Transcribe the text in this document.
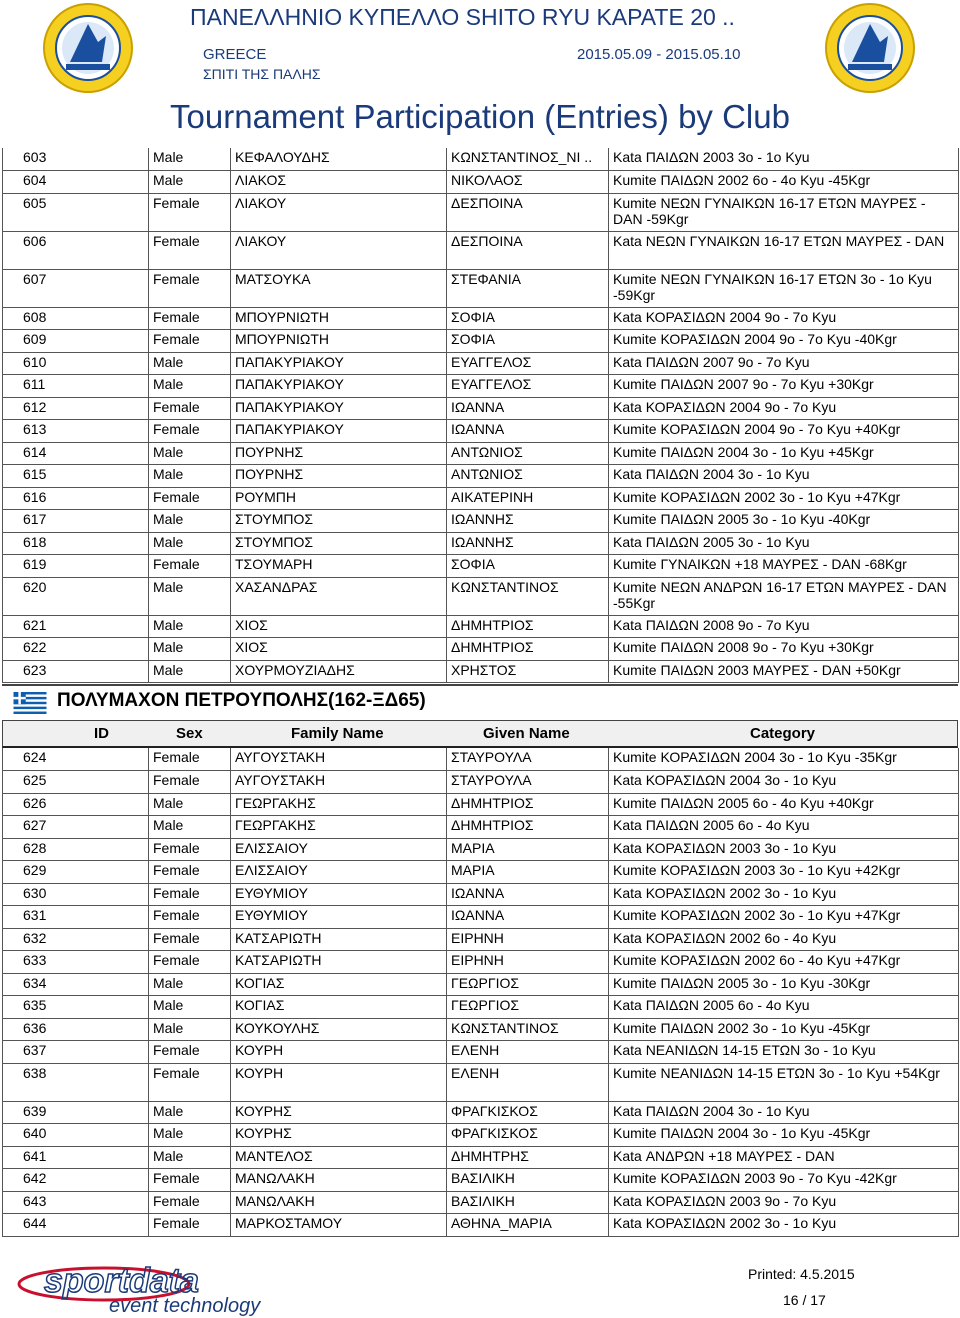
ΠΑΝΕΛΛΗΝΙΟ ΚΥΠΕΛΛΟ SHITO RYU ΚΑΡΑΤΕ 20 ..
GREECE	2015.05.09 - 2015.05.10
ΣΠΙΤΙ ΤΗΣ ΠΑΛΗΣ
Tournament Participation (Entries) by Club
603	Male	ΚΕΦΑΛΟΥΔΗΣ	ΚΩΝΣΤΑΝΤΙΝΟΣ_ΝΙ ..	Kata ΠΑΙΔΩΝ 2003 3ο - 1ο Kyu
604	Male	ΛΙΑΚΟΣ	ΝΙΚΟΛΑΟΣ	Kumite ΠΑΙΔΩΝ 2002 6ο - 4ο Kyu -45Kgr
605	Female	ΛΙΑΚΟΥ	ΔΕΣΠΟΙΝΑ	Kumite ΝΕΩΝ ΓΥΝΑΙΚΩΝ 16-17 ΕΤΩΝ ΜΑΥΡΕΣ - DAN -59Kgr
606	Female	ΛΙΑΚΟΥ	ΔΕΣΠΟΙΝΑ	Kata ΝΕΩΝ ΓΥΝΑΙΚΩΝ 16-17 ΕΤΩΝ ΜΑΥΡΕΣ - DAN
607	Female	ΜΑΤΣΟΥΚΑ	ΣΤΕΦΑΝΙΑ	Kumite ΝΕΩΝ ΓΥΝΑΙΚΩΝ 16-17 ΕΤΩΝ 3ο - 1ο Kyu -59Kgr
608	Female	ΜΠΟΥΡΝΙΩΤΗ	ΣΟΦΙΑ	Kata ΚΟΡΑΣΙΔΩΝ 2004 9ο - 7ο Kyu
609	Female	ΜΠΟΥΡΝΙΩΤΗ	ΣΟΦΙΑ	Kumite ΚΟΡΑΣΙΔΩΝ 2004 9ο - 7ο Kyu -40Kgr
610	Male	ΠΑΠΑΚΥΡΙΑΚΟΥ	ΕΥΑΓΓΕΛΟΣ	Kata ΠΑΙΔΩΝ 2007 9ο - 7ο Kyu
611	Male	ΠΑΠΑΚΥΡΙΑΚΟΥ	ΕΥΑΓΓΕΛΟΣ	Kumite ΠΑΙΔΩΝ 2007 9ο - 7ο Kyu +30Kgr
612	Female	ΠΑΠΑΚΥΡΙΑΚΟΥ	ΙΩΑΝΝΑ	Kata ΚΟΡΑΣΙΔΩΝ 2004 9ο - 7ο Kyu
613	Female	ΠΑΠΑΚΥΡΙΑΚΟΥ	ΙΩΑΝΝΑ	Kumite ΚΟΡΑΣΙΔΩΝ 2004 9ο - 7ο Kyu +40Kgr
614	Male	ΠΟΥΡΝΗΣ	ΑΝΤΩΝΙΟΣ	Kumite ΠΑΙΔΩΝ 2004 3ο - 1ο Kyu +45Kgr
615	Male	ΠΟΥΡΝΗΣ	ΑΝΤΩΝΙΟΣ	Kata ΠΑΙΔΩΝ 2004 3ο - 1ο Kyu
616	Female	ΡΟΥΜΠΗ	ΑΙΚΑΤΕΡΙΝΗ	Kumite ΚΟΡΑΣΙΔΩΝ 2002 3ο - 1ο Kyu +47Kgr
617	Male	ΣΤΟΥΜΠΟΣ	ΙΩΑΝΝΗΣ	Kumite ΠΑΙΔΩΝ 2005 3ο - 1ο Kyu -40Kgr
618	Male	ΣΤΟΥΜΠΟΣ	ΙΩΑΝΝΗΣ	Kata ΠΑΙΔΩΝ 2005 3ο - 1ο Kyu
619	Female	ΤΣΟΥΜΑΡΗ	ΣΟΦΙΑ	Kumite ΓΥΝΑΙΚΩΝ +18 ΜΑΥΡΕΣ - DAN -68Kgr
620	Male	ΧΑΣΑΝΔΡΑΣ	ΚΩΝΣΤΑΝΤΙΝΟΣ	Kumite ΝΕΩΝ ΑΝΔΡΩΝ 16-17 ΕΤΩΝ ΜΑΥΡΕΣ - DAN -55Kgr
621	Male	ΧΙΟΣ	ΔΗΜΗΤΡΙΟΣ	Kata ΠΑΙΔΩΝ 2008 9ο - 7ο Kyu
622	Male	ΧΙΟΣ	ΔΗΜΗΤΡΙΟΣ	Kumite ΠΑΙΔΩΝ 2008 9ο - 7ο Kyu +30Kgr
623	Male	ΧΟΥΡΜΟΥΖΙΑΔΗΣ	ΧΡΗΣΤΟΣ	Kumite ΠΑΙΔΩΝ 2003 ΜΑΥΡΕΣ - DAN +50Kgr
ΠΟΛΥΜΑΧΟΝ ΠΕΤΡΟΥΠΟΛΗΣ(162-ΞΔ65)
ID	Sex	Family Name	Given Name	Category
624	Female	ΑΥΓΟΥΣΤΑΚΗ	ΣΤΑΥΡΟΥΛΑ	Kumite ΚΟΡΑΣΙΔΩΝ 2004 3ο - 1ο Kyu -35Kgr
625	Female	ΑΥΓΟΥΣΤΑΚΗ	ΣΤΑΥΡΟΥΛΑ	Kata ΚΟΡΑΣΙΔΩΝ 2004 3ο - 1ο Kyu
626	Male	ΓΕΩΡΓΑΚΗΣ	ΔΗΜΗΤΡΙΟΣ	Kumite ΠΑΙΔΩΝ 2005 6ο - 4ο Kyu +40Kgr
627	Male	ΓΕΩΡΓΑΚΗΣ	ΔΗΜΗΤΡΙΟΣ	Kata ΠΑΙΔΩΝ 2005 6ο - 4ο Kyu
628	Female	ΕΛΙΣΣΑΙΟΥ	ΜΑΡΙΑ	Kata ΚΟΡΑΣΙΔΩΝ 2003 3ο - 1ο Kyu
629	Female	ΕΛΙΣΣΑΙΟΥ	ΜΑΡΙΑ	Kumite ΚΟΡΑΣΙΔΩΝ 2003 3ο - 1ο Kyu +42Kgr
630	Female	ΕΥΘΥΜΙΟΥ	ΙΩΑΝΝΑ	Kata ΚΟΡΑΣΙΔΩΝ 2002 3ο - 1ο Kyu
631	Female	ΕΥΘΥΜΙΟΥ	ΙΩΑΝΝΑ	Kumite ΚΟΡΑΣΙΔΩΝ 2002 3ο - 1ο Kyu +47Kgr
632	Female	ΚΑΤΣΑΡΙΩΤΗ	ΕΙΡΗΝΗ	Kata ΚΟΡΑΣΙΔΩΝ 2002 6ο - 4ο Kyu
633	Female	ΚΑΤΣΑΡΙΩΤΗ	ΕΙΡΗΝΗ	Kumite ΚΟΡΑΣΙΔΩΝ 2002 6ο - 4ο Kyu +47Kgr
634	Male	ΚΟΓΙΑΣ	ΓΕΩΡΓΙΟΣ	Kumite ΠΑΙΔΩΝ 2005 3ο - 1ο Kyu -30Kgr
635	Male	ΚΟΓΙΑΣ	ΓΕΩΡΓΙΟΣ	Kata ΠΑΙΔΩΝ 2005 6ο - 4ο Kyu
636	Male	ΚΟΥΚΟΥΛΗΣ	ΚΩΝΣΤΑΝΤΙΝΟΣ	Kumite ΠΑΙΔΩΝ 2002 3ο - 1ο Kyu -45Kgr
637	Female	ΚΟΥΡΗ	ΕΛΕΝΗ	Kata ΝΕΑΝΙΔΩΝ 14-15 ΕΤΩΝ 3ο - 1ο Kyu
638	Female	ΚΟΥΡΗ	ΕΛΕΝΗ	Kumite ΝΕΑΝΙΔΩΝ 14-15 ΕΤΩΝ 3ο - 1ο Kyu +54Kgr
639	Male	ΚΟΥΡΗΣ	ΦΡΑΓΚΙΣΚΟΣ	Kata ΠΑΙΔΩΝ 2004 3ο - 1ο Kyu
640	Male	ΚΟΥΡΗΣ	ΦΡΑΓΚΙΣΚΟΣ	Kumite ΠΑΙΔΩΝ 2004 3ο - 1ο Kyu -45Kgr
641	Male	ΜΑΝΤΕΛΟΣ	ΔΗΜΗΤΡΗΣ	Kata ΑΝΔΡΩΝ +18 ΜΑΥΡΕΣ - DAN
642	Female	ΜΑΝΩΛΑΚΗ	ΒΑΣΙΛΙΚΗ	Kumite ΚΟΡΑΣΙΔΩΝ 2003 9ο - 7ο Kyu -42Kgr
643	Female	ΜΑΝΩΛΑΚΗ	ΒΑΣΙΛΙΚΗ	Kata ΚΟΡΑΣΙΔΩΝ 2003 9ο - 7ο Kyu
644	Female	ΜΑΡΚΟΣΤΑΜΟΥ	ΑΘΗΝΑ_ΜΑΡΙΑ	Kata ΚΟΡΑΣΙΔΩΝ 2002 3ο - 1ο Kyu
sportdata
event technology
Printed: 4.5.2015
16 / 17
